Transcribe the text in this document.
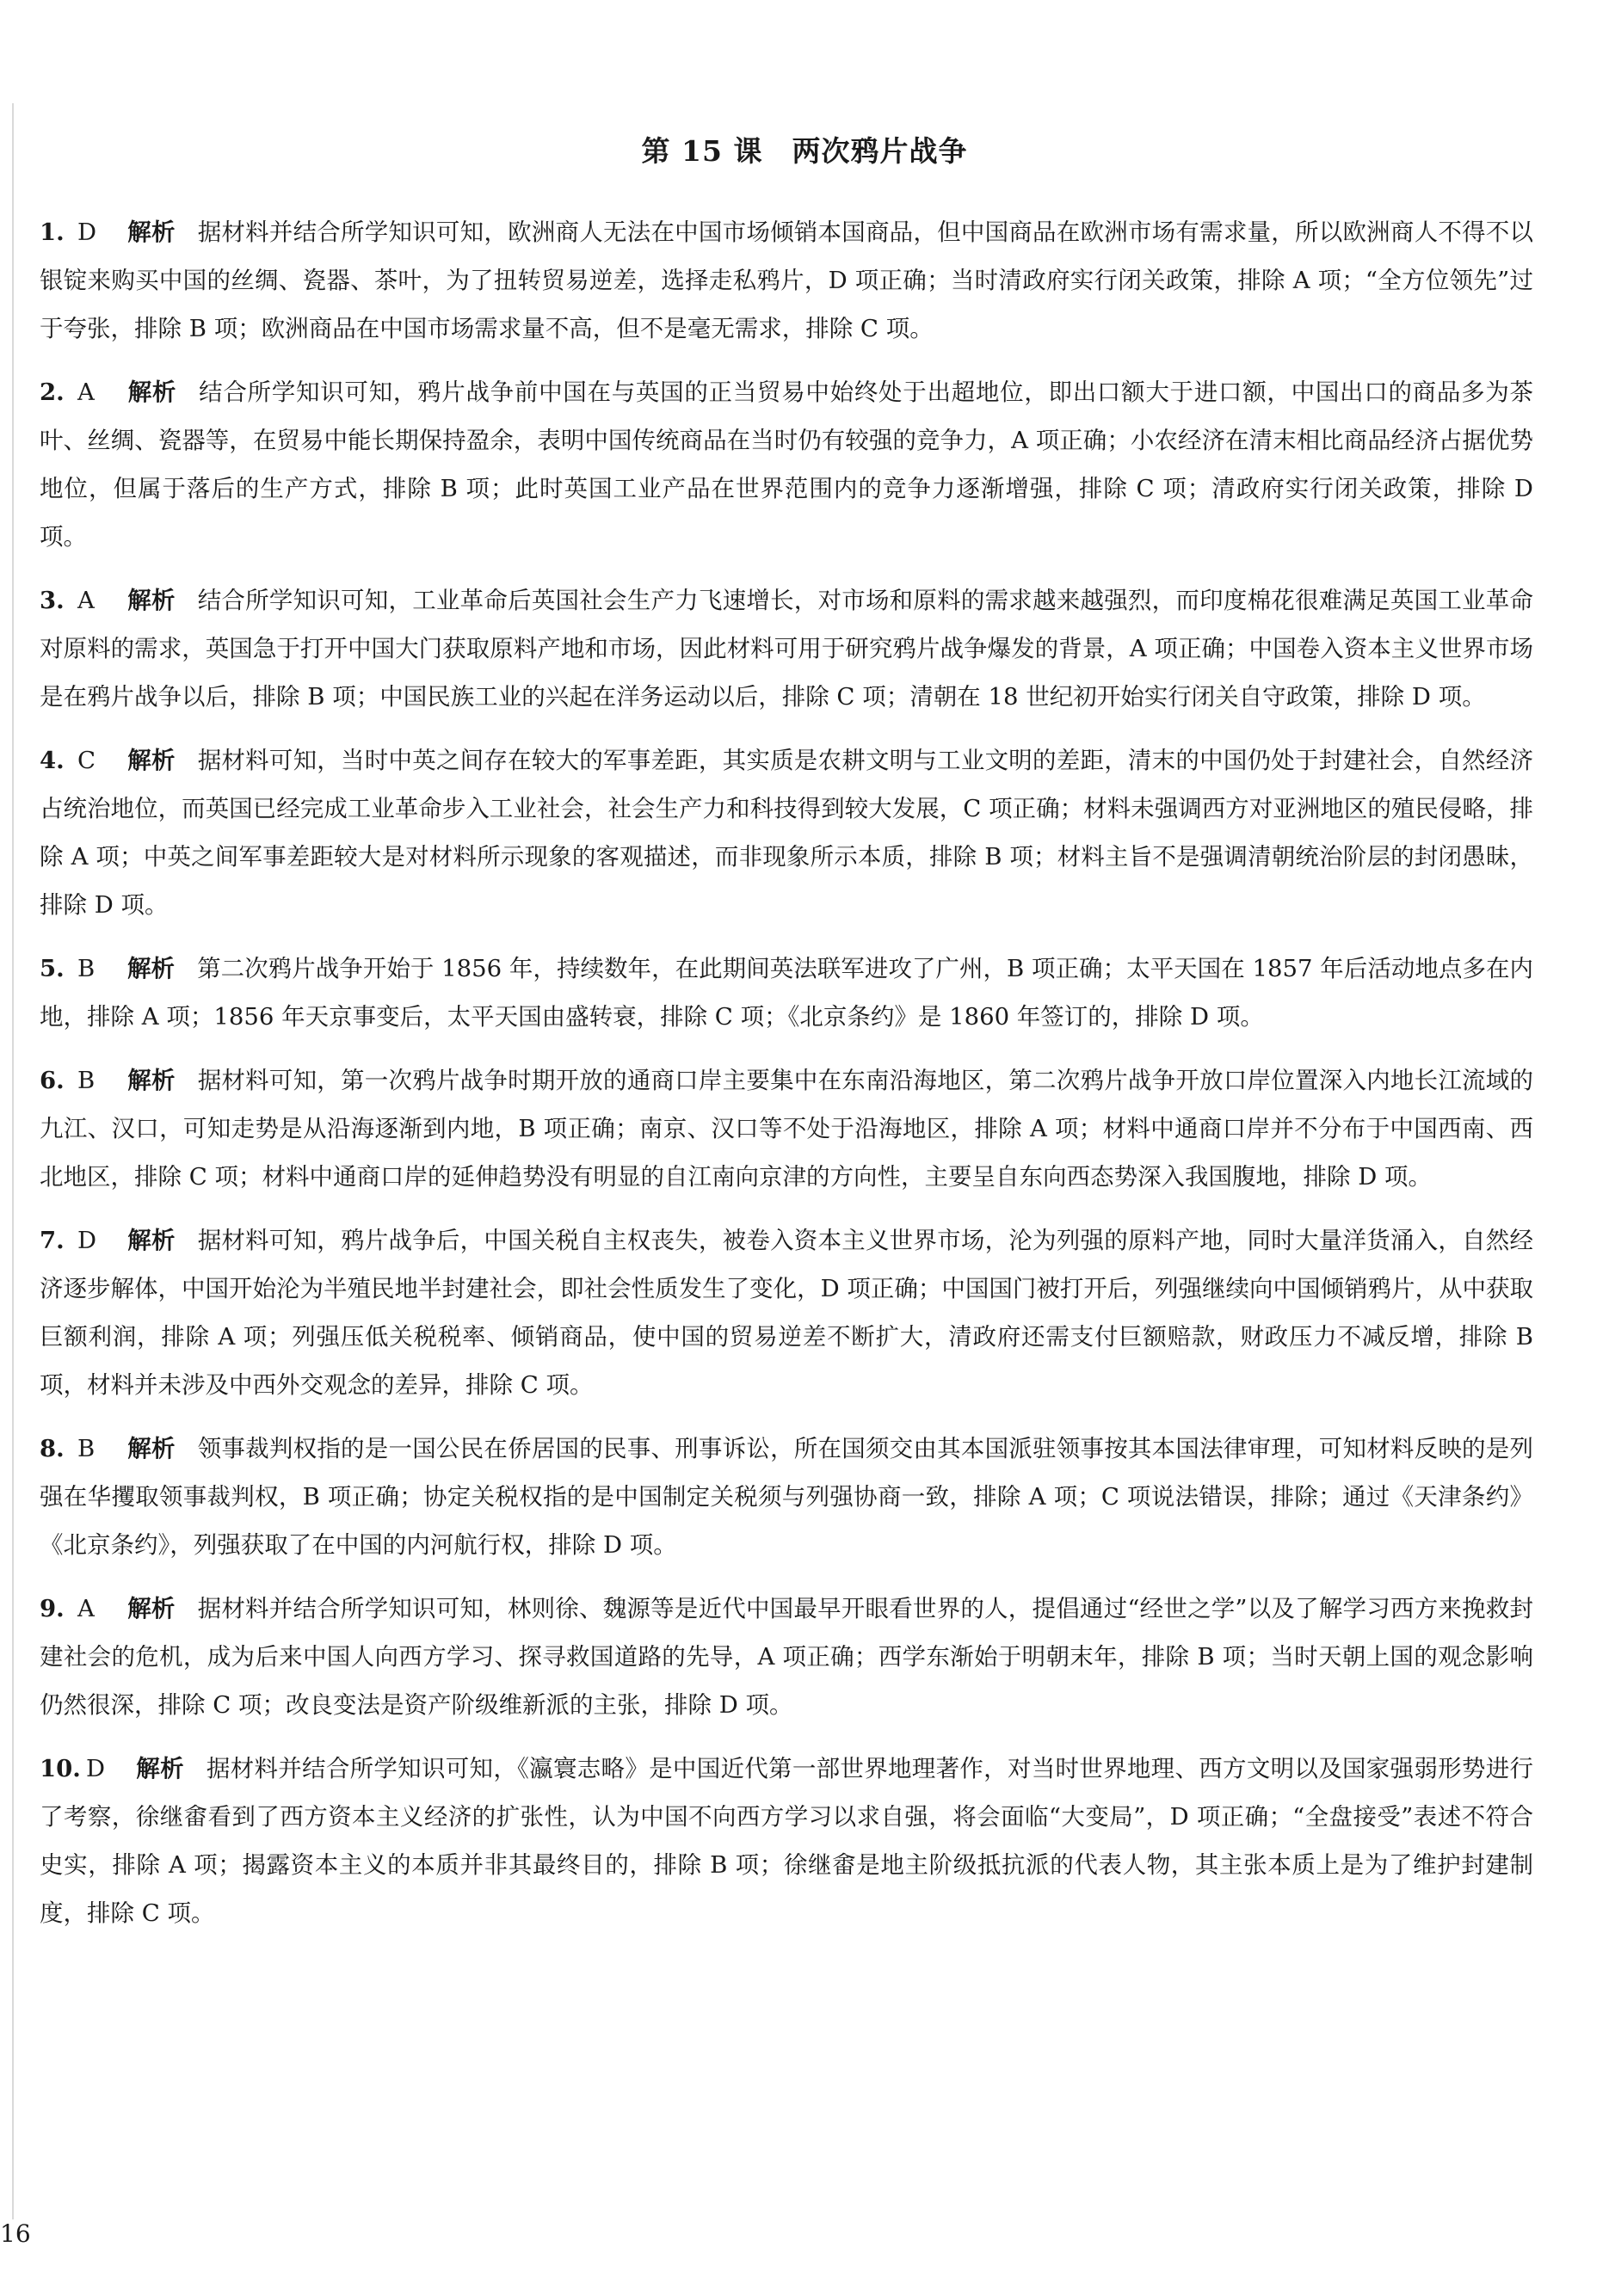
第 15 课　两次鸦片战争

1. D 解析 据材料并结合所学知识可知，欧洲商人无法在中国市场倾销本国商品，但中国商品在欧洲市场有需求量，所以欧洲商人不得不以银锭来购买中国的丝绸、瓷器、茶叶，为了扭转贸易逆差，选择走私鸦片，D 项正确；当时清政府实行闭关政策，排除 A 项；“全方位领先”过于夸张，排除 B 项；欧洲商品在中国市场需求量不高，但不是毫无需求，排除 C 项。

2. A 解析 结合所学知识可知，鸦片战争前中国在与英国的正当贸易中始终处于出超地位，即出口额大于进口额，中国出口的商品多为茶叶、丝绸、瓷器等，在贸易中能长期保持盈余，表明中国传统商品在当时仍有较强的竞争力，A 项正确；小农经济在清末相比商品经济占据优势地位，但属于落后的生产方式，排除 B 项；此时英国工业产品在世界范围内的竞争力逐渐增强，排除 C 项；清政府实行闭关政策，排除 D 项。

3. A 解析 结合所学知识可知，工业革命后英国社会生产力飞速增长，对市场和原料的需求越来越强烈，而印度棉花很难满足英国工业革命对原料的需求，英国急于打开中国大门获取原料产地和市场，因此材料可用于研究鸦片战争爆发的背景，A 项正确；中国卷入资本主义世界市场是在鸦片战争以后，排除 B 项；中国民族工业的兴起在洋务运动以后，排除 C 项；清朝在 18 世纪初开始实行闭关自守政策，排除 D 项。

4. C 解析 据材料可知，当时中英之间存在较大的军事差距，其实质是农耕文明与工业文明的差距，清末的中国仍处于封建社会，自然经济占统治地位，而英国已经完成工业革命步入工业社会，社会生产力和科技得到较大发展，C 项正确；材料未强调西方对亚洲地区的殖民侵略，排除 A 项；中英之间军事差距较大是对材料所示现象的客观描述，而非现象所示本质，排除 B 项；材料主旨不是强调清朝统治阶层的封闭愚昧，排除 D 项。

5. B 解析 第二次鸦片战争开始于 1856 年，持续数年，在此期间英法联军进攻了广州，B 项正确；太平天国在 1857 年后活动地点多在内地，排除 A 项；1856 年天京事变后，太平天国由盛转衰，排除 C 项；《北京条约》是 1860 年签订的，排除 D 项。

6. B 解析 据材料可知，第一次鸦片战争时期开放的通商口岸主要集中在东南沿海地区，第二次鸦片战争开放口岸位置深入内地长江流域的九江、汉口，可知走势是从沿海逐渐到内地，B 项正确；南京、汉口等不处于沿海地区，排除 A 项；材料中通商口岸并不分布于中国西南、西北地区，排除 C 项；材料中通商口岸的延伸趋势没有明显的自江南向京津的方向性，主要呈自东向西态势深入我国腹地，排除 D 项。

7. D 解析 据材料可知，鸦片战争后，中国关税自主权丧失，被卷入资本主义世界市场，沦为列强的原料产地，同时大量洋货涌入，自然经济逐步解体，中国开始沦为半殖民地半封建社会，即社会性质发生了变化，D 项正确；中国国门被打开后，列强继续向中国倾销鸦片，从中获取巨额利润，排除 A 项；列强压低关税税率、倾销商品，使中国的贸易逆差不断扩大，清政府还需支付巨额赔款，财政压力不减反增，排除 B 项，材料并未涉及中西外交观念的差异，排除 C 项。

8. B 解析 领事裁判权指的是一国公民在侨居国的民事、刑事诉讼，所在国须交由其本国派驻领事按其本国法律审理，可知材料反映的是列强在华攫取领事裁判权，B 项正确；协定关税权指的是中国制定关税须与列强协商一致，排除 A 项；C 项说法错误，排除；通过《天津条约》《北京条约》，列强获取了在中国的内河航行权，排除 D 项。

9. A 解析 据材料并结合所学知识可知，林则徐、魏源等是近代中国最早开眼看世界的人，提倡通过“经世之学”以及了解学习西方来挽救封建社会的危机，成为后来中国人向西方学习、探寻救国道路的先导，A 项正确；西学东渐始于明朝末年，排除 B 项；当时天朝上国的观念影响仍然很深，排除 C 项；改良变法是资产阶级维新派的主张，排除 D 项。

10. D 解析 据材料并结合所学知识可知，《瀛寰志略》是中国近代第一部世界地理著作，对当时世界地理、西方文明以及国家强弱形势进行了考察，徐继畬看到了西方资本主义经济的扩张性，认为中国不向西方学习以求自强，将会面临“大变局”，D 项正确；“全盘接受”表述不符合史实，排除 A 项；揭露资本主义的本质并非其最终目的，排除 B 项；徐继畬是地主阶级抵抗派的代表人物，其主张本质上是为了维护封建制度，排除 C 项。

16
